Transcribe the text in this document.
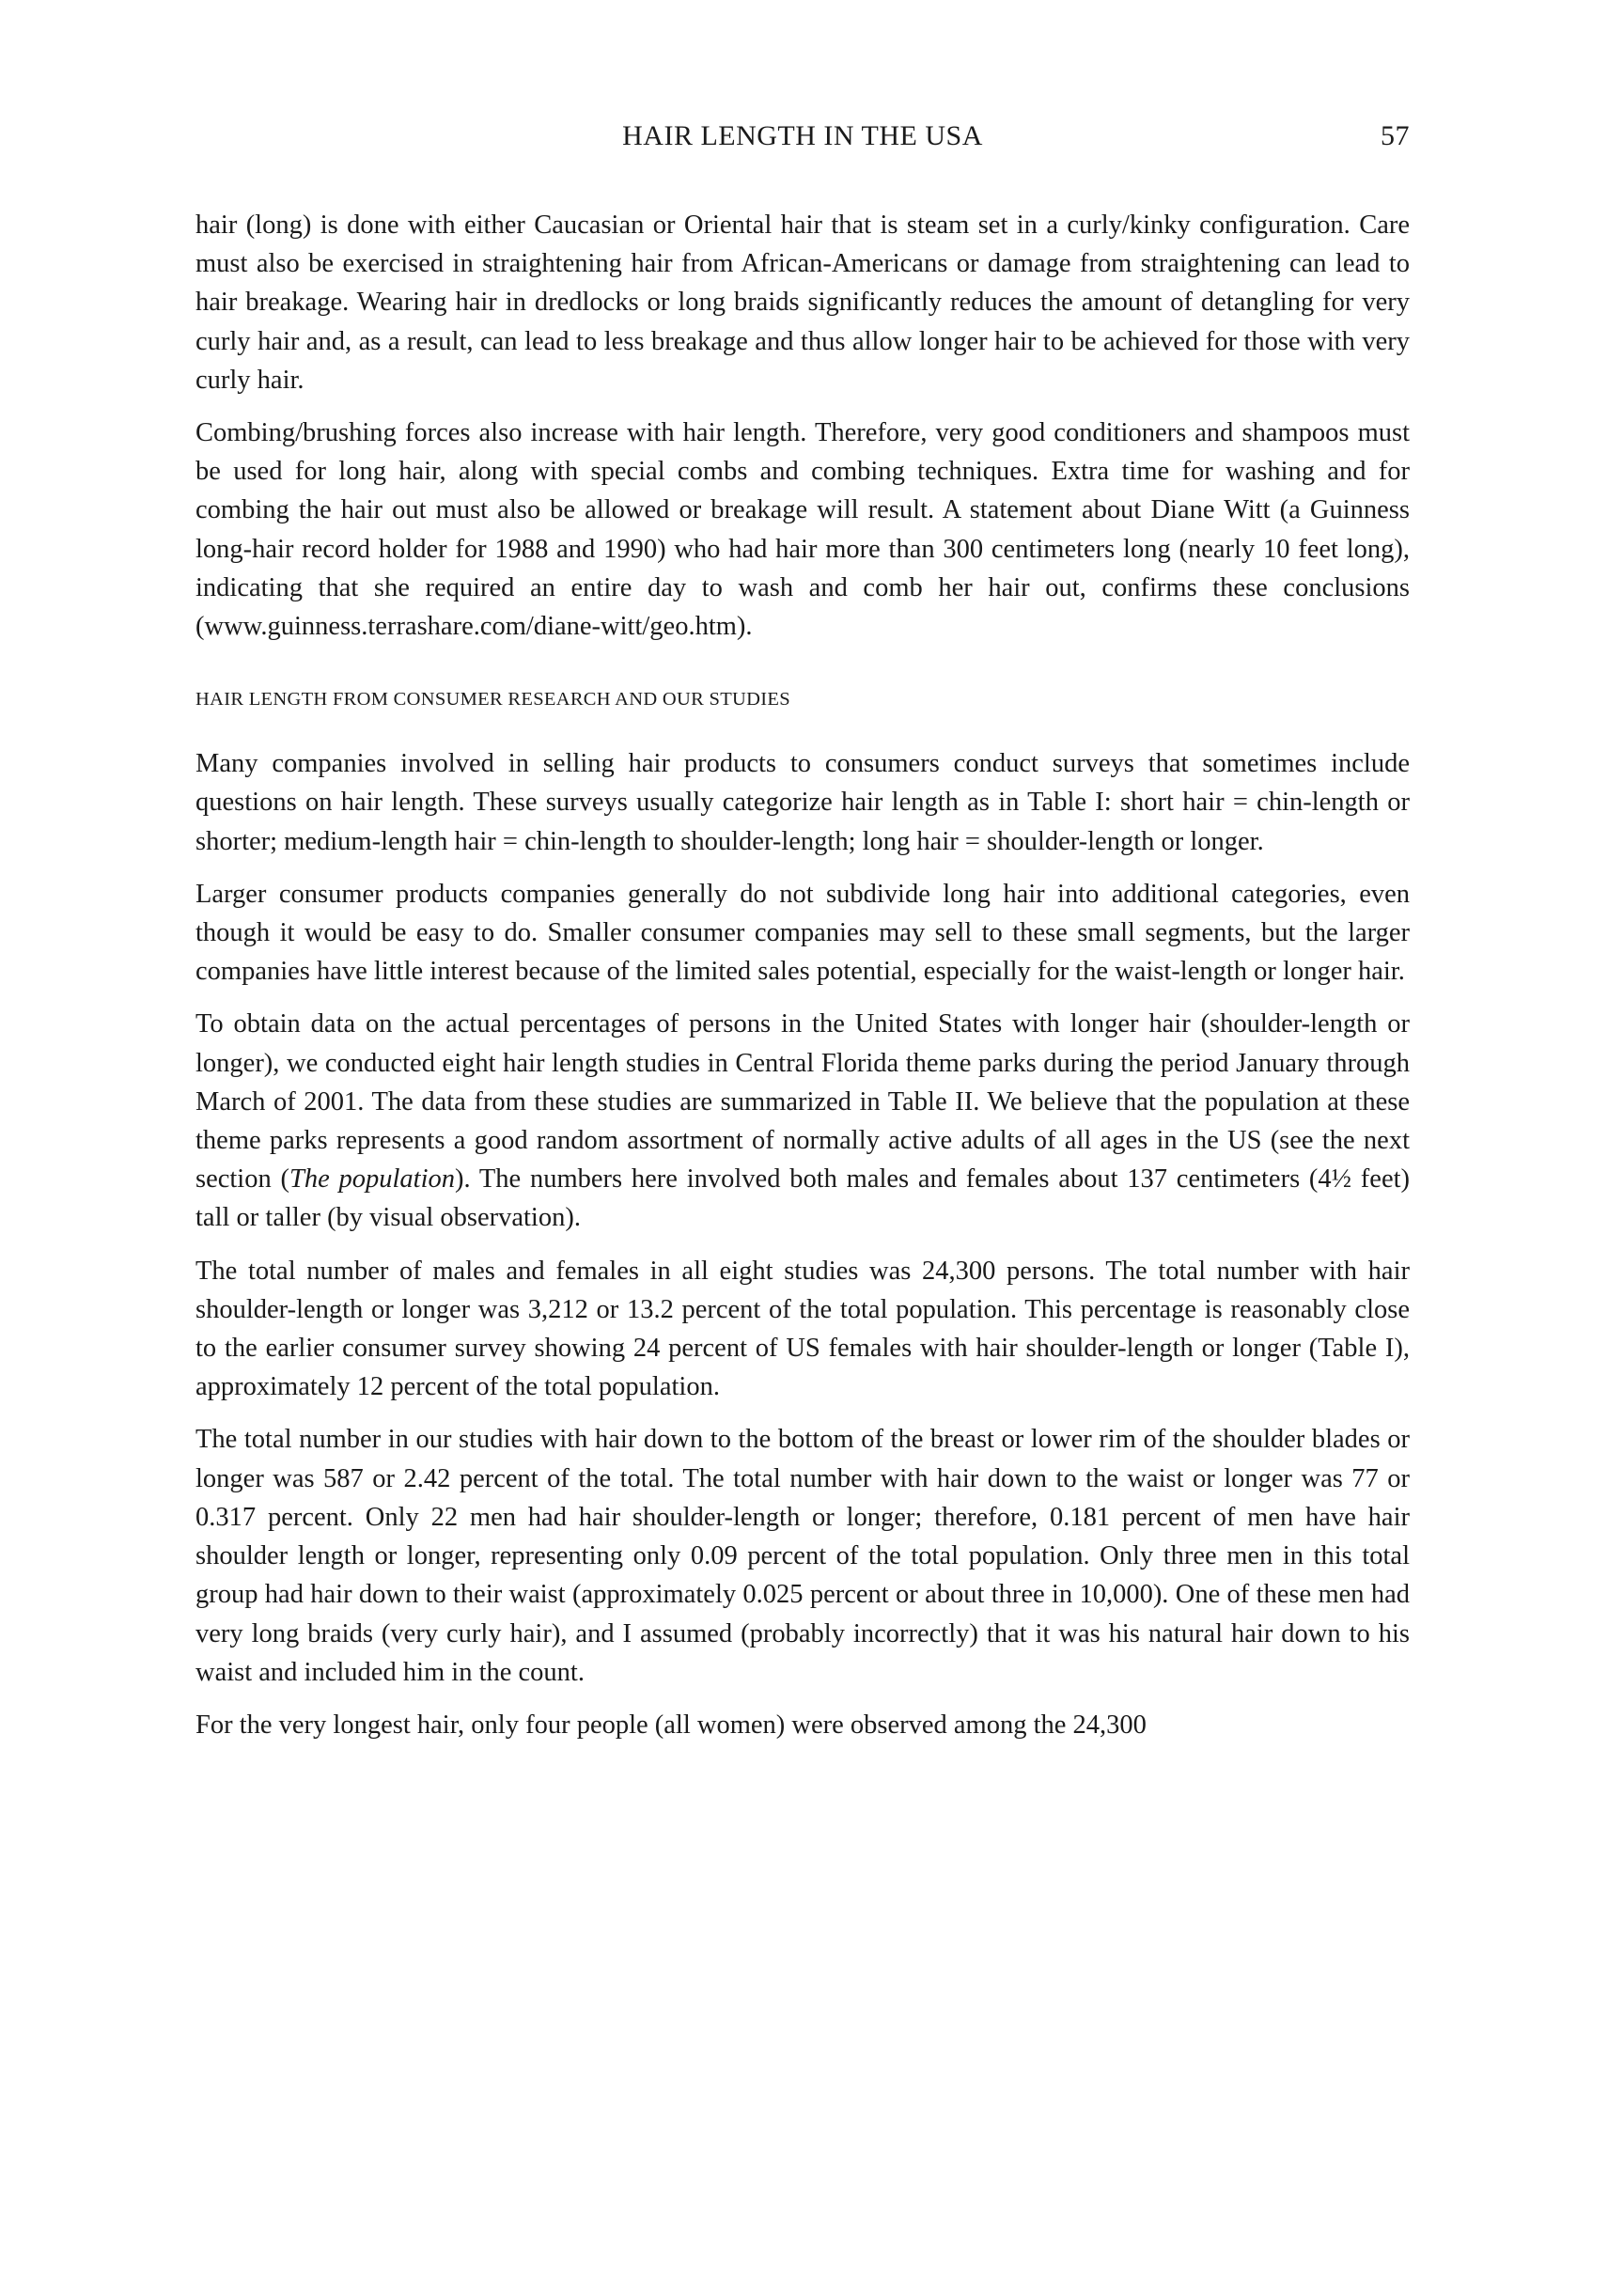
HAIR LENGTH IN THE USA	57

hair (long) is done with either Caucasian or Oriental hair that is steam set in a curly/kinky configuration. Care must also be exercised in straightening hair from African-Americans or damage from straightening can lead to hair breakage. Wearing hair in dredlocks or long braids significantly reduces the amount of detangling for very curly hair and, as a result, can lead to less breakage and thus allow longer hair to be achieved for those with very curly hair.

Combing/brushing forces also increase with hair length. Therefore, very good conditioners and shampoos must be used for long hair, along with special combs and combing techniques. Extra time for washing and for combing the hair out must also be allowed or breakage will result. A statement about Diane Witt (a Guinness long-hair record holder for 1988 and 1990) who had hair more than 300 centimeters long (nearly 10 feet long), indicating that she required an entire day to wash and comb her hair out, confirms these conclusions (www.guinness.terrashare.com/diane-witt/geo.htm).

HAIR LENGTH FROM CONSUMER RESEARCH AND OUR STUDIES

Many companies involved in selling hair products to consumers conduct surveys that sometimes include questions on hair length. These surveys usually categorize hair length as in Table I: short hair = chin-length or shorter; medium-length hair = chin-length to shoulder-length; long hair = shoulder-length or longer.

Larger consumer products companies generally do not subdivide long hair into additional categories, even though it would be easy to do. Smaller consumer companies may sell to these small segments, but the larger companies have little interest because of the limited sales potential, especially for the waist-length or longer hair.

To obtain data on the actual percentages of persons in the United States with longer hair (shoulder-length or longer), we conducted eight hair length studies in Central Florida theme parks during the period January through March of 2001. The data from these studies are summarized in Table II. We believe that the population at these theme parks represents a good random assortment of normally active adults of all ages in the US (see the next section (The population). The numbers here involved both males and females about 137 centimeters (4½ feet) tall or taller (by visual observation).

The total number of males and females in all eight studies was 24,300 persons. The total number with hair shoulder-length or longer was 3,212 or 13.2 percent of the total population. This percentage is reasonably close to the earlier consumer survey showing 24 percent of US females with hair shoulder-length or longer (Table I), approximately 12 percent of the total population.

The total number in our studies with hair down to the bottom of the breast or lower rim of the shoulder blades or longer was 587 or 2.42 percent of the total. The total number with hair down to the waist or longer was 77 or 0.317 percent. Only 22 men had hair shoulder-length or longer; therefore, 0.181 percent of men have hair shoulder length or longer, representing only 0.09 percent of the total population. Only three men in this total group had hair down to their waist (approximately 0.025 percent or about three in 10,000). One of these men had very long braids (very curly hair), and I assumed (probably incorrectly) that it was his natural hair down to his waist and included him in the count.

For the very longest hair, only four people (all women) were observed among the 24,300
